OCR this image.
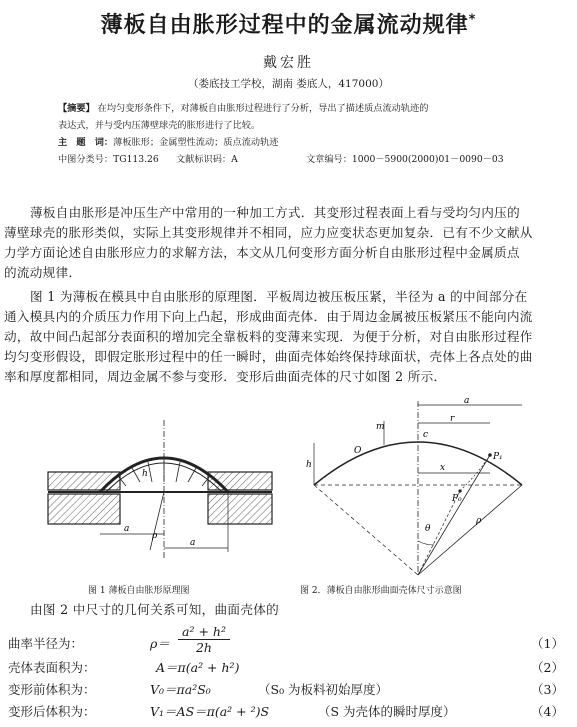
薄板自由胀形过程中的金属流动规律*
戴宏胜
（娄底技工学校，湖南 娄底人，417000）
【摘要】 在均匀变形条件下，对薄板自由胀形过程进行了分析，导出了描述质点流动轨迹的
表达式，并与受内压薄壁球壳的胀形进行了比较。
主　题　词：薄板胀形；金属塑性流动；质点流动轨迹
中图分类号：TG113.26 文献标识码：A	文章编号：1000－5900(2000)01－0090－03
薄板自由胀形是冲压生产中常用的一种加工方式．其变形过程表面上看与受均匀内压的
薄壁球壳的胀形类似，实际上其变形规律并不相同，应力应变状态更加复杂．已有不少文献从
力学方面论述自由胀形应力的求解方法，本文从几何变形方面分析自由胀形过程中金属质点
的流动规律．
图 1 为薄板在模具中自由胀形的原理图．平板周边被压板压紧，半径为 a 的中间部分在
通入模具内的介质压力作用下向上凸起，形成曲面壳体．由于周边金属被压板紧压不能向内流
动，故中间凸起部分表面积的增加完全靠板料的变薄来实现．为便于分析，对自由胀形过程作
均匀变形假设，即假定胀形过程中的任一瞬时，曲面壳体始终保持球面状，壳体上各点处的曲
率和厚度都相同，周边金属不参与变形．变形后曲面壳体的尺寸如图 2 所示．
ρ
h
a
a
图 1 薄板自由胀形原理图
a
r
h
m
c
O
P₁
P₀
x
θ
ρ
图 2．薄板自由胀形曲面壳体尺寸示意图
由图 2 中尺寸的几何关系可知，曲面壳体的
曲率半径为：	$\rho= \frac{\text{a² + h²}}{2h}$	（1）
壳体表面积为：	A＝π(a² + h²)	（2）
变形前体积为：	V₀＝πa²S₀	（S₀ 为板料初始厚度）	（3）
变形后体积为：	V₁＝AS＝π(a² + ²)S	（S 为壳体的瞬时厚度）	（4）
